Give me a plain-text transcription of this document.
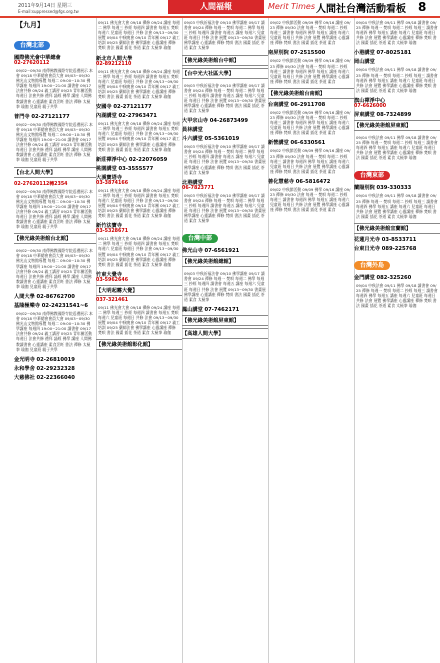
2011年9月14日 星期三
E-mail:suppressed@fgs.org.tw
人間福報	Merit Times 人間社台灣活動看板 8
【九月】
台灣北部
國際佛光會中華總會
02-27620112
09/02~09/30 南傳佛教國際寺院巡禮展示 本會 09/18 中華總會會員大會 09/03~09/30 佛光山文物館導覽 每週二 09:00~10:30 佛學講座 每週四 19:00~21:00 讀書會 09/17 法會共修 09/24 義工講習 09/25 青年團活動 每週日 法會共修 禮拜 誦經 佛學 講座 人間佛教讀書會 心靈講座 素食烹飪 書法 禪修 太極拳 瑜伽 兒童班 親子共學
普門寺 02-27121177
09/02~09/30 南傳佛教國際寺院巡禮展示 本會 09/18 中華總會會員大會 09/03~09/30 佛光山文物館導覽 每週二 09:00~10:30 佛學講座 每週四 19:00~21:00 讀書會 09/17 法會共修 09/24 義工講習 09/25 青年團活動 每週日 法會共修 禮拜 誦經 佛學 講座 人間佛教讀書會 心靈講座 素食烹飪 書法 禪修 太極拳 瑜伽 兒童班 親子共學
【台北人間大學】
02-27620112轉2354
09/02~09/30 南傳佛教國際寺院巡禮展示 本會 09/18 中華總會會員大會 09/03~09/30 佛光山文物館導覽 每週二 09:00~10:30 佛學講座 每週四 19:00~21:00 讀書會 09/17 法會共修 09/24 義工講習 09/25 青年團活動 每週日 法會共修 禮拜 誦經 佛學 講座 人間佛教讀書會 心靈講座 素食烹飪 書法 禪修 太極拳 瑜伽 兒童班 親子共學
【佛光緣美術館台北館】
09/02~09/30 南傳佛教國際寺院巡禮展示 本會 09/18 中華總會會員大會 09/03~09/30 佛光山文物館導覽 每週二 09:00~10:30 佛學講座 每週四 19:00~21:00 讀書會 09/17 法會共修 09/24 義工講習 09/25 青年團活動 每週日 法會共修 禮拜 誦經 佛學 講座 人間佛教讀書會 心靈講座 素食烹飪 書法 禪修 太極拳 瑜伽 兒童班 親子共學
人間大學 02-86762700
基隆極樂寺 02-24231541~6
09/02~09/30 南傳佛教國際寺院巡禮展示 本會 09/18 中華總會會員大會 09/03~09/30 佛光山文物館導覽 每週二 09:00~10:30 佛學講座 每週四 19:00~21:00 讀書會 09/17 法會共修 09/24 義工講習 09/25 青年團活動 每週日 法會共修 禮拜 誦經 佛學 講座 人間佛教讀書會 心靈講座 素食烹飪 書法 禪修 太極拳 瑜伽 兒童班 親子共學
金光明寺 02-26810019
永和學舍 02-29232328
大慈佛社 02-22366040
09/11 佛光會大會 09/18 禪修 09/24 講座 每週二 佛學 每週三 抄經 每週四 讀書會 每週五 梵唄 每週六 兒童班 每週日 共修 法會 09/13~09/30 展覽 09/04 中秋晚會 09/10 青年團 09/17 義工培訓 09/25 藥師法會 佛學講座 心靈講座 禪修 梵唄 書法 國畫 插花 茶道 素食 太極拳 瑜伽
新北市人間大學
02-89212110
09/11 佛光會大會 09/18 禪修 09/24 講座 每週二 佛學 每週三 抄經 每週四 讀書會 每週五 梵唄 每週六 兒童班 每週日 共修 法會 09/13~09/30 展覽 09/04 中秋晚會 09/10 青年團 09/17 義工培訓 09/25 藥師法會 佛學講座 心靈講座 禪修 梵唄 書法 國畫 插花 茶道 素食 太極拳 瑜伽
安國寺 02-27121177
內湖講堂 02-27963471
09/11 佛光會大會 09/18 禪修 09/24 講座 每週二 佛學 每週三 抄經 每週四 讀書會 每週五 梵唄 每週六 兒童班 每週日 共修 法會 09/13~09/30 展覽 09/04 中秋晚會 09/10 青年團 09/17 義工培訓 09/25 藥師法會 佛學講座 心靈講座 禪修 梵唄 書法 國畫 插花 茶道 素食 太極拳 瑜伽
新莊禪淨中心 02-22076059
桃園講堂 03-3555577
大溪寶塔寺
03-3874166
09/11 佛光會大會 09/18 禪修 09/24 講座 每週二 佛學 每週三 抄經 每週四 讀書會 每週五 梵唄 每週六 兒童班 每週日 共修 法會 09/13~09/30 展覽 09/04 中秋晚會 09/10 青年團 09/17 義工培訓 09/25 藥師法會 佛學講座 心靈講座 禪修 梵唄 書法 國畫 插花 茶道 素食 太極拳 瑜伽
新竹法寶寺
03-5328671
09/11 佛光會大會 09/18 禪修 09/24 講座 每週二 佛學 每週三 抄經 每週四 讀書會 每週五 梵唄 每週六 兒童班 每週日 共修 法會 09/13~09/30 展覽 09/04 中秋晚會 09/10 青年團 09/17 義工培訓 09/25 藥師法會 佛學講座 心靈講座 禪修 梵唄 書法 國畫 插花 茶道 素食 太極拳 瑜伽
竹東大覺寺
03-5962646
【大明起霧大覺】
037-321461
09/11 佛光會大會 09/18 禪修 09/24 講座 每週二 佛學 每週三 抄經 每週四 讀書會 每週五 梵唄 每週六 兒童班 每週日 共修 法會 09/13~09/30 展覽 09/04 中秋晚會 09/10 青年團 09/17 義工培訓 09/25 藥師法會 佛學講座 心靈講座 禪修 梵唄 書法 國畫 插花 茶道 素食 太極拳 瑜伽
【佛光緣美術館彰化館】
09/03 中秋祈福法會 09/10 佛學講座 09/17 讀書會 09/24 禪修 每週一 梵唄 每週二 佛學 每週三 抄經 每週四 讀書會 每週五 講座 每週六 兒童班 每週日 共修 法會 展覽 09/13~09/30 書畫展 佛學講座 心靈講座 禪修 梵唄 書法 國畫 插花 茶道 素食 太極拳
【佛光緣美術館台中館】
【台中光大社區大學】
09/03 中秋祈福法會 09/10 佛學講座 09/17 讀書會 09/24 禪修 每週一 梵唄 每週二 佛學 每週三 抄經 每週四 讀書會 每週五 講座 每週六 兒童班 每週日 共修 法會 展覽 09/13~09/30 書畫展 佛學講座 心靈講座 禪修 梵唄 書法 國畫 插花 茶道 素食 太極拳
大甲宗山寺 04-26873499
員林講堂
斗六講堂 05-5361019
09/03 中秋祈福法會 09/10 佛學講座 09/17 讀書會 09/24 禪修 每週一 梵唄 每週二 佛學 每週三 抄經 每週四 讀書會 每週五 講座 每週六 兒童班 每週日 共修 法會 展覽 09/13~09/30 書畫展 佛學講座 心靈講座 禪修 梵唄 書法 國畫 插花 茶道 素食 太極拳
北港講堂
06-7823771
09/03 中秋祈福法會 09/10 佛學講座 09/17 讀書會 09/24 禪修 每週一 梵唄 每週二 佛學 每週三 抄經 每週四 讀書會 每週五 講座 每週六 兒童班 每週日 共修 法會 展覽 09/13~09/30 書畫展 佛學講座 心靈講座 禪修 梵唄 書法 國畫 插花 茶道 素食 太極拳
台灣中部
佛光山寺 07-6561921
【佛光緣美術館總館】
09/03 中秋祈福法會 09/10 佛學講座 09/17 讀書會 09/24 禪修 每週一 梵唄 每週二 佛學 每週三 抄經 每週四 讀書會 每週五 講座 每週六 兒童班 每週日 共修 法會 展覽 09/13~09/30 書畫展 佛學講座 心靈講座 禪修 梵唄 書法 國畫 插花 茶道 素食 太極拳
鳳山講堂 07-7462171
【佛光緣美術館屏東館】
【高雄人間大學】
09/02 中秋節活動 09/09 佛學 09/16 講座 09/23 禪修 09/30 法會 每週一 梵唄 每週二 抄經 每週三 讀書會 每週四 佛學 每週五 講座 每週六 兒童班 每週日 共修 法會 展覽 佛學講座 心靈講座 禪修 梵唄 書法 國畫 插花 茶道 素食
南屏別院 07-2515500
09/02 中秋節活動 09/09 佛學 09/16 講座 09/23 禪修 09/30 法會 每週一 梵唄 每週二 抄經 每週三 讀書會 每週四 佛學 每週五 講座 每週六 兒童班 每週日 共修 法會 展覽 佛學講座 心靈講座 禪修 梵唄 書法 國畫 插花 茶道 素食
【佛光緣美術館台南館】
台南講堂 06-2911708
09/02 中秋節活動 09/09 佛學 09/16 講座 09/23 禪修 09/30 法會 每週一 梵唄 每週二 抄經 每週三 讀書會 每週四 佛學 每週五 講座 每週六 兒童班 每週日 共修 法會 展覽 佛學講座 心靈講座 禪修 梵唄 書法 國畫 插花 茶道 素食
新營講堂 06-6330561
09/02 中秋節活動 09/09 佛學 09/16 講座 09/23 禪修 09/30 法會 每週一 梵唄 每週二 抄經 每週三 讀書會 每週四 佛學 每週五 講座 每週六 兒童班 每週日 共修 法會 展覽 佛學講座 心靈講座 禪修 梵唄 書法 國畫 插花 茶道 素食
善化慧慈寺 06-5816472
09/02 中秋節活動 09/09 佛學 09/16 講座 09/23 禪修 09/30 法會 每週一 梵唄 每週二 抄經 每週三 讀書會 每週四 佛學 每週五 講座 每週六 兒童班 每週日 共修 法會 展覽 佛學講座 心靈講座 禪修 梵唄 書法 國畫 插花 茶道 素食
09/04 中秋法會 09/11 佛學 09/18 讀書會 09/25 禪修 每週一 梵唄 每週二 抄經 每週三 讀書會 每週四 佛學 每週五 講座 每週六 兒童班 每週日 共修 法會 展覽 佛學講座 心靈講座 禪修 梵唄 書法 國畫 插花 茶道 素食 太極拳 瑜伽
小港講堂 07-8025181
岡山講堂
09/04 中秋法會 09/11 佛學 09/18 讀書會 09/25 禪修 每週一 梵唄 每週二 抄經 每週三 讀書會 每週四 佛學 每週五 講座 每週六 兒童班 每週日 共修 法會 展覽 佛學講座 心靈講座 禪修 梵唄 書法 國畫 插花 茶道 素食 太極拳 瑜伽
旗山禪淨中心
07-6626000
屏東講堂 08-7324899
【佛光緣美術館屏東館】
09/04 中秋法會 09/11 佛學 09/18 讀書會 09/25 禪修 每週一 梵唄 每週二 抄經 每週三 讀書會 每週四 佛學 每週五 講座 每週六 兒童班 每週日 共修 法會 展覽 佛學講座 心靈講座 禪修 梵唄 書法 國畫 插花 茶道 素食 太極拳 瑜伽
台灣東部
蘭陽別院 039-330333
09/04 中秋法會 09/11 佛學 09/18 讀書會 09/25 禪修 每週一 梵唄 每週二 抄經 每週三 讀書會 每週四 佛學 每週五 講座 每週六 兒童班 每週日 共修 法會 展覽 佛學講座 心靈講座 禪修 梵唄 書法 國畫 插花 茶道 素食 太極拳 瑜伽
【佛光緣美術館宜蘭館】
花蓮月光寺 03-8533711
台東日光寺 089-225768
台灣外島
金門講堂 082-325260
09/04 中秋法會 09/11 佛學 09/18 讀書會 09/25 禪修 每週一 梵唄 每週二 抄經 每週三 讀書會 每週四 佛學 每週五 講座 每週六 兒童班 每週日 共修 法會 展覽 佛學講座 心靈講座 禪修 梵唄 書法 國畫 插花 茶道 素食 太極拳 瑜伽
